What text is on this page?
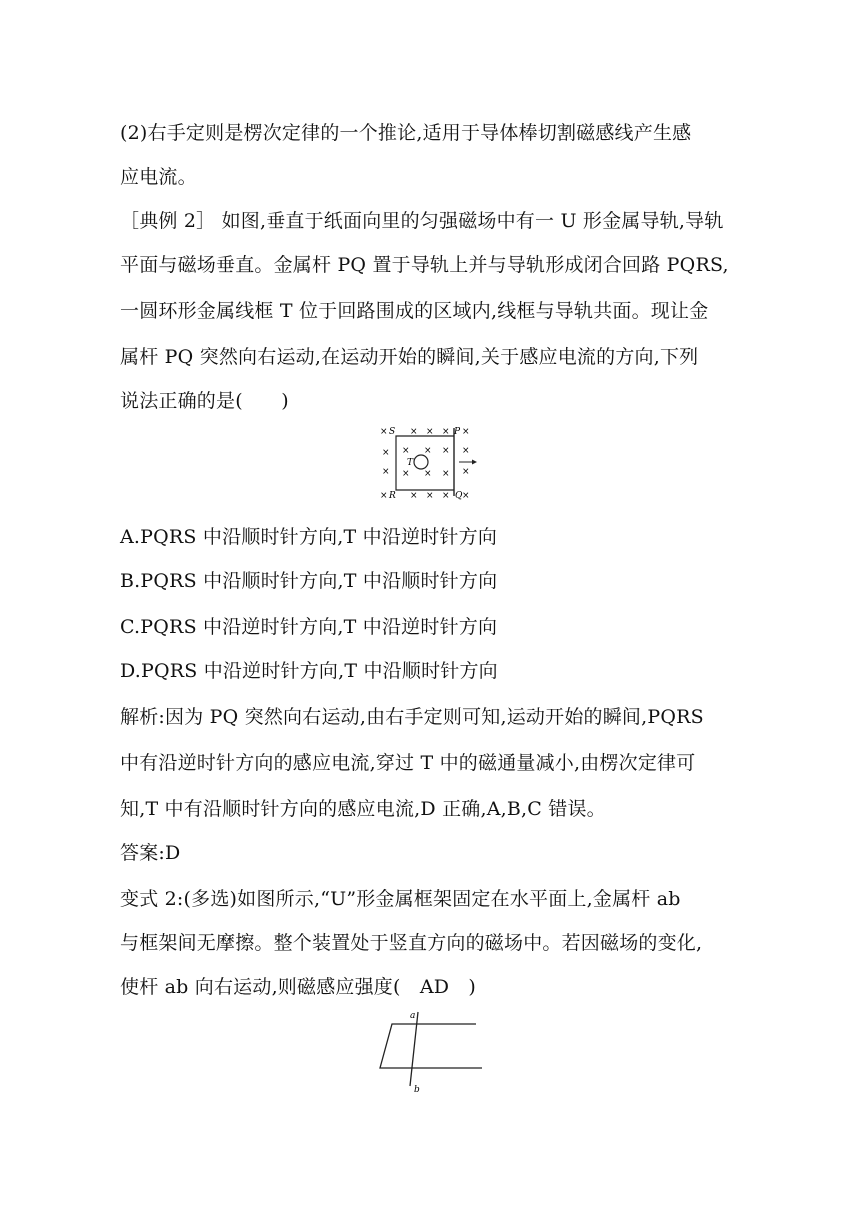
(2)右手定则是楞次定律的一个推论,适用于导体棒切割磁感线产生感
应电流。
［典例 2］ 如图,垂直于纸面向里的匀强磁场中有一 U 形金属导轨,导轨
平面与磁场垂直。金属杆 PQ 置于导轨上并与导轨形成闭合回路 PQRS,
一圆环形金属线框 T 位于回路围成的区域内,线框与导轨共面。现让金
属杆 PQ 突然向右运动,在运动开始的瞬间,关于感应电流的方向,下列
说法正确的是(　　)
× × × × ×
S	P
R	Q
T
× × × × ×
× × × × ×
× × × × ×
A.PQRS 中沿顺时针方向,T 中沿逆时针方向
B.PQRS 中沿顺时针方向,T 中沿顺时针方向
C.PQRS 中沿逆时针方向,T 中沿逆时针方向
D.PQRS 中沿逆时针方向,T 中沿顺时针方向
解析:因为 PQ 突然向右运动,由右手定则可知,运动开始的瞬间,PQRS
中有沿逆时针方向的感应电流,穿过 T 中的磁通量减小,由楞次定律可
知,T 中有沿顺时针方向的感应电流,D 正确,A,B,C 错误。
答案:D
变式 2:(多选)如图所示,“U”形金属框架固定在水平面上,金属杆 ab
与框架间无摩擦。整个装置处于竖直方向的磁场中。若因磁场的变化,
使杆 ab 向右运动,则磁感应强度(　AD　)
a
b
